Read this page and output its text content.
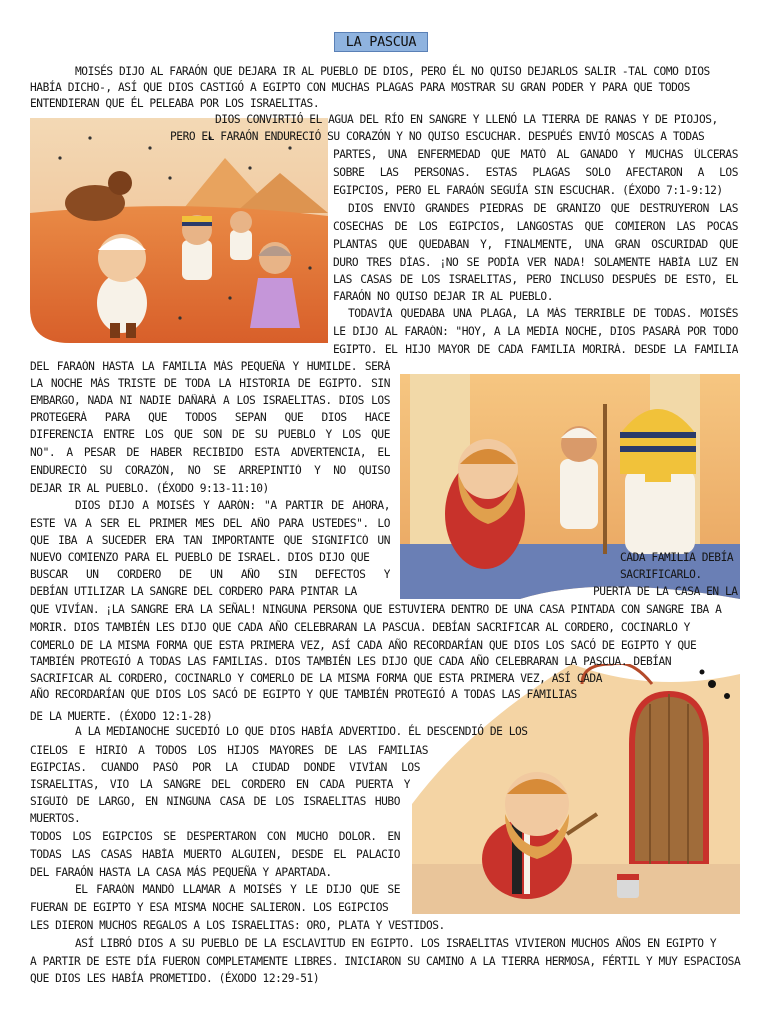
LA PASCUA
MOISÉS DIJO AL FARAÓN QUE DEJARA IR AL PUEBLO DE DIOS, PERO ÉL NO QUISO DEJARLOS SALIR -TAL COMO DIOS
HABÍA DICHO-, ASÍ QUE DIOS CASTIGÓ A EGIPTO CON MUCHAS PLAGAS PARA MOSTRAR SU GRAN PODER Y PARA QUE TODOS
ENTENDIERAN QUE ÉL PELEABA POR LOS ISRAELITAS.
DIOS CONVIRTIÓ EL AGUA DEL RÍO EN SANGRE Y LLENÓ LA TIERRA DE RANAS Y DE PIOJOS,
PERO EL FARAÓN ENDURECIÓ SU CORAZÓN Y NO QUISO ESCUCHAR. DESPUÉS ENVIÓ MOSCAS A TODAS
PARTES, UNA ENFERMEDAD QUE MATÓ AL GANADO Y MUCHAS ÚLCERAS
SOBRE LAS PERSONAS. ESTAS PLAGAS SOLO AFECTARON A LOS
EGIPCIOS, PERO EL FARAÓN SEGUÍA SIN ESCUCHAR. (ÉXODO 7:1-9:12)
DIOS ENVIÓ GRANDES PIEDRAS DE GRANIZO QUE DESTRUYERON LAS
COSECHAS DE LOS EGIPCIOS, LANGOSTAS QUE COMIERON LAS POCAS
PLANTAS QUE QUEDABAN Y, FINALMENTE, UNA GRAN OSCURIDAD QUE
DURO TRES DÍAS. ¡NO SE PODÍA VER NADA! SOLAMENTE HABÍA LUZ EN
LAS CASAS DE LOS ISRAELITAS, PERO INCLUSO DESPUÉS DE ESTO, EL
FARAÓN NO QUISO DEJAR IR AL PUEBLO.
TODAVÍA QUEDABA UNA PLAGA, LA MÁS TERRIBLE DE TODAS. MOISÉS
LE DIJO AL FARAÓN: "HOY, A LA MEDIA NOCHE, DIOS PASARÁ POR TODO
EGIPTO. EL HIJO MAYOR DE CADA FAMILIA MORIRÁ. DESDE LA FAMILIA
DEL FARAÓN HASTA LA FAMILIA MÁS PEQUEÑA Y HUMILDE. SERÁ
LA NOCHE MÁS TRISTE DE TODA LA HISTORIA DE EGIPTO. SIN
EMBARGO, NADA NI NADIE DAÑARÁ A LOS ISRAELITAS. DIOS LOS
PROTEGERÁ PARA QUE TODOS SEPAN QUE DIOS HACE
DIFERENCIA ENTRE LOS QUE SON DE SU PUEBLO Y LOS QUE
NO". A PESAR DE HABER RECIBIDO ESTA ADVERTENCIA, EL
ENDURECIÓ SU CORAZÓN, NO SE ARREPINTIÓ Y NO QUISO
DEJAR IR AL PUEBLO. (ÉXODO 9:13-11:10)
DIOS DIJO A MOISÉS Y AARÓN: "A PARTIR DE AHORA,
ESTE VA A SER EL PRIMER MES DEL AÑO PARA USTEDES". LO
QUE IBA A SUCEDER ERA TAN IMPORTANTE QUE SIGNIFICÓ UN
NUEVO COMIENZO PARA EL PUEBLO DE ISRAEL. DIOS DIJO QUE	CADA FAMILIA DEBÍA
BUSCAR UN CORDERO DE UN AÑO SIN DEFECTOS Y	SACRIFICARLO.
DEBÍAN UTILIZAR LA SANGRE DEL CORDERO PARA PINTAR LA	PUERTA DE LA CASA EN LA
QUE VIVÍAN. ¡LA SANGRE ERA LA SEÑAL! NINGUNA PERSONA QUE ESTUVIERA DENTRO DE UNA CASA PINTADA CON SANGRE IBA A
MORIR. DIOS TAMBIÉN LES DIJO QUE CADA AÑO CELEBRARAN LA PASCUA. DEBÍAN SACRIFICAR AL CORDERO, COCINARLO Y
COMERLO DE LA MISMA FORMA QUE ESTA PRIMERA VEZ, ASÍ CADA AÑO RECORDARÍAN QUE DIOS LOS SACÓ DE EGIPTO Y QUE
TAMBIÉN PROTEGIÓ A TODAS LAS FAMILIAS. DIOS TAMBIÉN LES DIJO QUE CADA AÑO CELEBRARAN LA PASCUA. DEBÍAN
SACRIFICAR AL CORDERO, COCINARLO Y COMERLO DE LA MISMA FORMA QUE ESTA PRIMERA VEZ, ASÍ CADA
AÑO RECORDARÍAN QUE DIOS LOS SACÓ DE EGIPTO Y QUE TAMBIÉN PROTEGIÓ A TODAS LAS FAMILIAS
DE LA MUERTE. (ÉXODO 12:1-28)
A LA MEDIANOCHE SUCEDIÓ LO QUE DIOS HABÍA ADVERTIDO. ÉL DESCENDIÓ DE LOS
CIELOS E HIRIÓ A TODOS LOS HIJOS MAYORES DE LAS FAMILIAS
EGIPCIAS. CUANDO PASÓ POR LA CIUDAD DONDE VIVÍAN LOS
ISRAELITAS, VIO LA SANGRE DEL CORDERO EN CADA PUERTA Y
SIGUIÓ DE LARGO, EN NINGUNA CASA DE LOS ISRAELITAS HUBO
MUERTOS.
TODOS LOS EGIPCIOS SE DESPERTARON CON MUCHO DOLOR. EN
TODAS LAS CASAS HABÍA MUERTO ALGUIEN, DESDE EL PALACIO
DEL FARAÓN HASTA LA CASA MÁS PEQUEÑA Y APARTADA.
EL FARAÓN MANDÓ LLAMAR A MOISÉS Y LE DIJO QUE SE
FUERAN DE EGIPTO Y ESA MISMA NOCHE SALIERON. LOS EGIPCIOS
LES DIERON MUCHOS REGALOS A LOS ISRAELITAS: ORO, PLATA Y VESTIDOS.
ASÍ LIBRÓ DIOS A SU PUEBLO DE LA ESCLAVITUD EN EGIPTO. LOS ISRAELITAS VIVIERON MUCHOS AÑOS EN EGIPTO Y
A PARTIR DE ESTE DÍA FUERON COMPLETAMENTE LIBRES. INICIARON SU CAMINO A LA TIERRA HERMOSA, FÉRTIL Y MUY ESPACIOSA
QUE DIOS LES HABÍA PROMETIDO. (ÉXODO 12:29-51)
